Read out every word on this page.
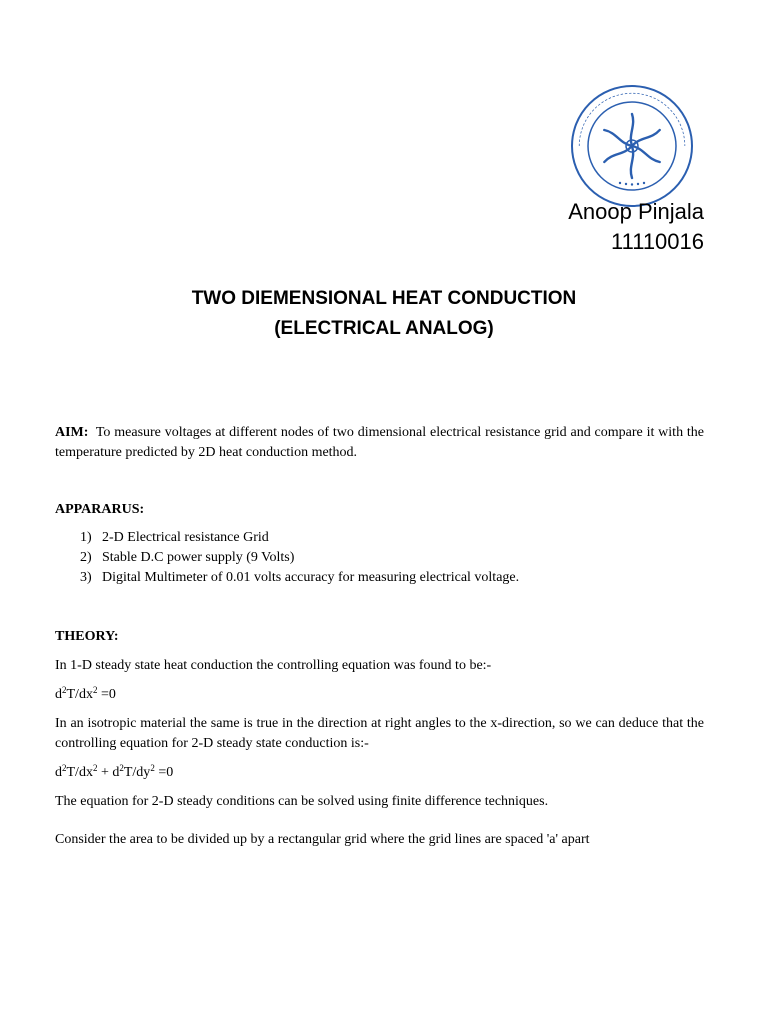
Anoop Pinjala
11110016
TWO DIEMENSIONAL HEAT CONDUCTION
(ELECTRICAL ANALOG)
AIM: To measure voltages at different nodes of two dimensional electrical resistance grid and compare it with the temperature predicted by 2D heat conduction method.
APPARARUS:
1) 2-D Electrical resistance Grid
2) Stable D.C power supply (9 Volts)
3) Digital Multimeter of 0.01 volts accuracy for measuring electrical voltage.
THEORY:
In 1-D steady state heat conduction the controlling equation was found to be:-
$d^2T/dx^2 =0$
In an isotropic material the same is true in the direction at right angles to the x-direction, so we can deduce that the controlling equation for 2-D steady state conduction is:-
$d^2T/dx^2 + d^2T/dy^2 =0$
The equation for 2-D steady conditions can be solved using finite difference techniques.
Consider the area to be divided up by a rectangular grid where the grid lines are spaced 'a' apart
